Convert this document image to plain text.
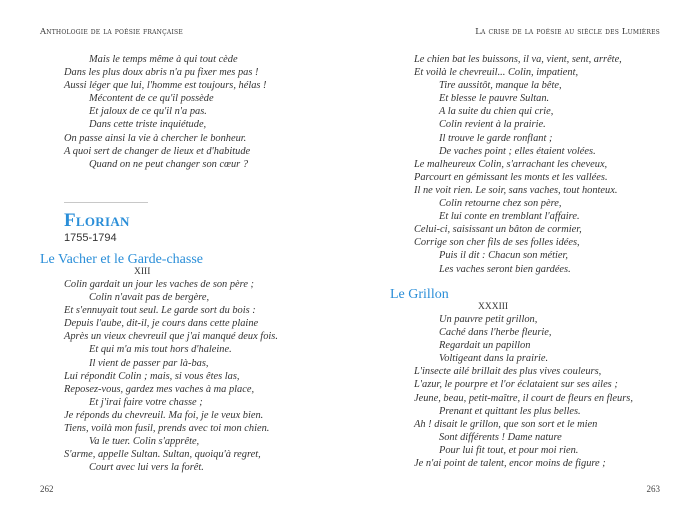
Anthologie de la poésie française
Mais le temps même à qui tout cède
Dans les plus doux abris n'a pu fixer mes pas !
Aussi léger que lui, l'homme est toujours, hélas !
Mécontent de ce qu'il possède
Et jaloux de ce qu'il n'a pas.
Dans cette triste inquiétude,
On passe ainsi la vie à chercher le bonheur.
A quoi sert de changer de lieux et d'habitude
Quand on ne peut changer son cœur ?
Florian
1755-1794
Le Vacher et le Garde-chasse
XIII
Colin gardait un jour les vaches de son père ;
Colin n'avait pas de bergère,
Et s'ennuyait tout seul. Le garde sort du bois :
Depuis l'aube, dit-il, je cours dans cette plaine
Après un vieux chevreuil que j'ai manqué deux fois.
Et qui m'a mis tout hors d'haleine.
Il vient de passer par là-bas,
Lui répondit Colin ; mais, si vous êtes las,
Reposez-vous, gardez mes vaches à ma place,
Et j'irai faire votre chasse ;
Je réponds du chevreuil. Ma foi, je le veux bien.
Tiens, voilà mon fusil, prends avec toi mon chien.
Va le tuer. Colin s'apprête,
S'arme, appelle Sultan. Sultan, quoiqu'à regret,
Court avec lui vers la forêt.
262
La crise de la poésie au siècle des Lumières
Le chien bat les buissons, il va, vient, sent, arrête,
Et voilà le chevreuil... Colin, impatient,
Tire aussitôt, manque la bête,
Et blesse le pauvre Sultan.
A la suite du chien qui crie,
Colin revient à la prairie.
Il trouve le garde ronflant ;
De vaches point ; elles étaient volées.
Le malheureux Colin, s'arrachant les cheveux,
Parcourt en gémissant les monts et les vallées.
Il ne voit rien. Le soir, sans vaches, tout honteux.
Colin retourne chez son père,
Et lui conte en tremblant l'affaire.
Celui-ci, saisissant un bâton de cormier,
Corrige son cher fils de ses folles idées,
Puis il dit : Chacun son métier,
Les vaches seront bien gardées.
Le Grillon
XXXIII
Un pauvre petit grillon,
Caché dans l'herbe fleurie,
Regardait un papillon
Voltigeant dans la prairie.
L'insecte ailé brillait des plus vives couleurs,
L'azur, le pourpre et l'or éclataient sur ses ailes ;
Jeune, beau, petit-maître, il court de fleurs en fleurs,
Prenant et quittant les plus belles.
Ah ! disait le grillon, que son sort et le mien
Sont différents ! Dame nature
Pour lui fit tout, et pour moi rien.
Je n'ai point de talent, encor moins de figure ;
263
